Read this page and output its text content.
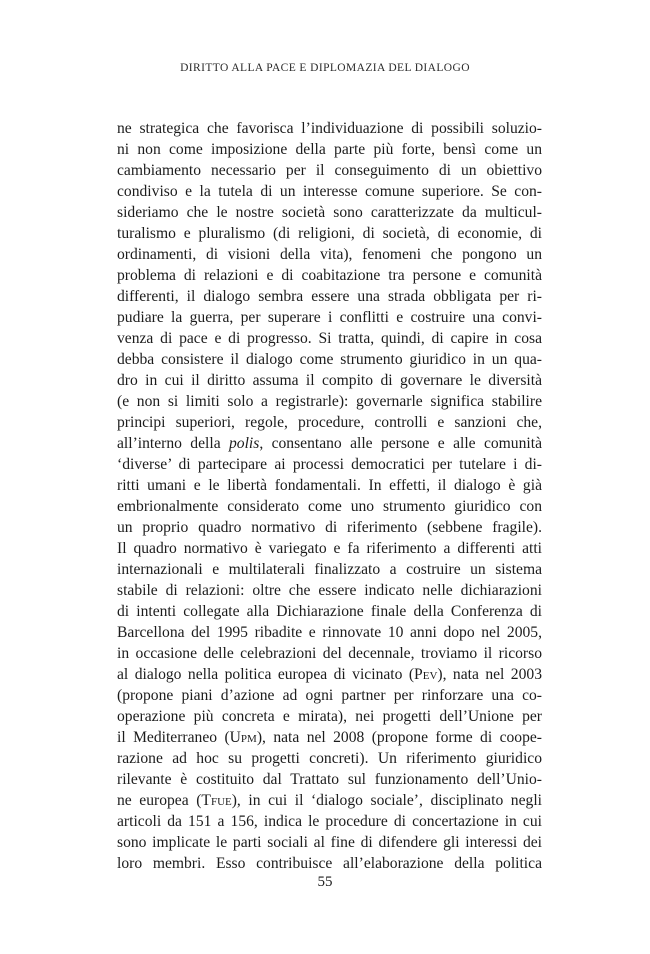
DIRITTO ALLA PACE E DIPLOMAZIA DEL DIALOGO

ne strategica che favorisca l’individuazione di possibili soluzio-
ni non come imposizione della parte più forte, bensì come un
cambiamento necessario per il conseguimento di un obiettivo
condiviso e la tutela di un interesse comune superiore. Se con-
sideriamo che le nostre società sono caratterizzate da multicul-
turalismo e pluralismo (di religioni, di società, di economie, di
ordinamenti, di visioni della vita), fenomeni che pongono un
problema di relazioni e di coabitazione tra persone e comunità
differenti, il dialogo sembra essere una strada obbligata per ri-
pudiare la guerra, per superare i conflitti e costruire una convi-
venza di pace e di progresso. Si tratta, quindi, di capire in cosa
debba consistere il dialogo come strumento giuridico in un qua-
dro in cui il diritto assuma il compito di governare le diversità
(e non si limiti solo a registrarle): governarle significa stabilire
principi superiori, regole, procedure, controlli e sanzioni che,
all’interno della polis, consentano alle persone e alle comunità
‘diverse’ di partecipare ai processi democratici per tutelare i di-
ritti umani e le libertà fondamentali. In effetti, il dialogo è già
embrionalmente considerato come uno strumento giuridico con
un proprio quadro normativo di riferimento (sebbene fragile).
Il quadro normativo è variegato e fa riferimento a differenti atti
internazionali e multilaterali finalizzato a costruire un sistema
stabile di relazioni: oltre che essere indicato nelle dichiarazioni
di intenti collegate alla Dichiarazione finale della Conferenza di
Barcellona del 1995 ribadite e rinnovate 10 anni dopo nel 2005,
in occasione delle celebrazioni del decennale, troviamo il ricorso
al dialogo nella politica europea di vicinato (Pev), nata nel 2003
(propone piani d’azione ad ogni partner per rinforzare una co-
operazione più concreta e mirata), nei progetti dell’Unione per
il Mediterraneo (Upm), nata nel 2008 (propone forme di coope-
razione ad hoc su progetti concreti). Un riferimento giuridico
rilevante è costituito dal Trattato sul funzionamento dell’Unio-
ne europea (Tfue), in cui il ‘dialogo sociale’, disciplinato negli
articoli da 151 a 156, indica le procedure di concertazione in cui
sono implicate le parti sociali al fine di difendere gli interessi dei
loro membri. Esso contribuisce all’elaborazione della politica

55
